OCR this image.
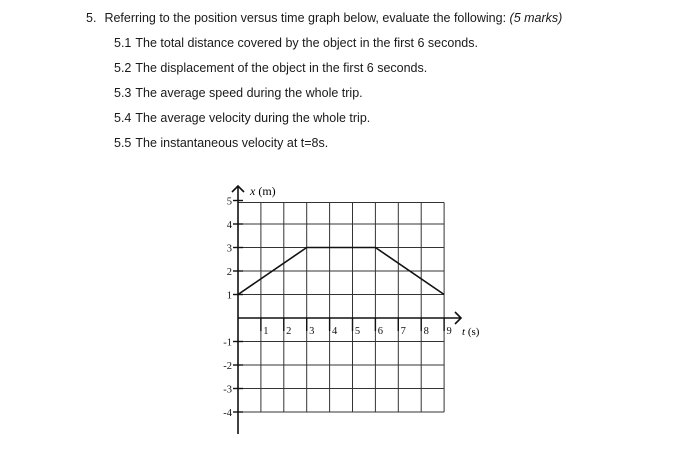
5. Referring to the position versus time graph below, evaluate the following: (5 marks)
5.1 The total distance covered by the object in the first 6 seconds.
5.2 The displacement of the object in the first 6 seconds.
5.3 The average speed during the whole trip.
5.4 The average velocity during the whole trip.
5.5 The instantaneous velocity at t=8s.
x (m)
t (s)
1 2 3 4 5 6 7 8 9
5
4
3
2
1
-1
-2
-3
-4
